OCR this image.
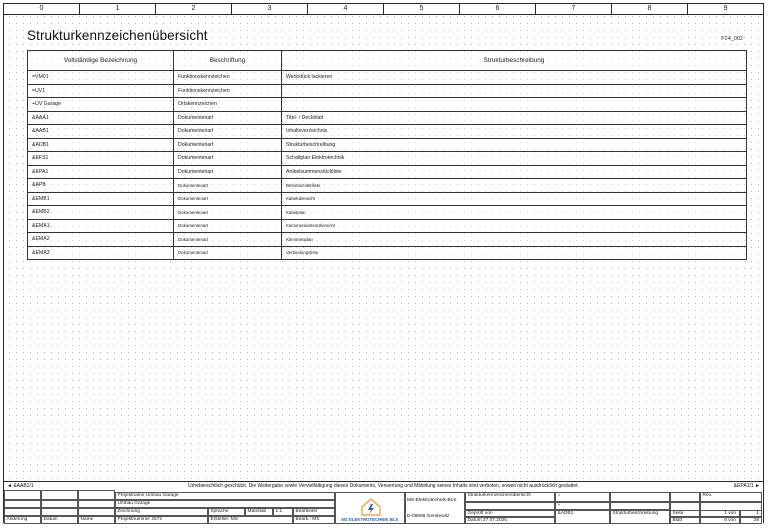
0	1	2	3	4	5	6	7	8	9
Strukturkennzeichenübersicht	F24_002
Vollständige Bezeichnung	Beschriftung	Strukturbeschreibung
=VM01	Funktionskennzeichen	Werkstück lackieren
=UV1	Funktionskennzeichen	
+UV Garage	Ortskennzeichen	
&AAA1	Dokumentenart	Titel- / Deckblatt
&AAB1	Dokumentenart	Inhaltsverzeichnis
&ADB1	Dokumentenart	Strukturbeschreibung
&EFS1	Dokumentenart	Schaltplan Elektrotechnik
&EPA1	Dokumentenart	Artikelsummenstückliste
&APB	Dokumentenart	Betriebsmittelliste
&EMB1	Dokumentenart	Kabelübersicht
&EMB2	Dokumentenart	Kabelplan
&EMA1	Dokumentenart	Klemmenleistenübersicht
&EMA2	Dokumentenart	Klemmenplan
&EMA3	Dokumentenart	Verbindungsliste
◄ &AAB1/1	Urheberechtlich geschützt. Die Weitergabe sowie Vervielfältigung dieses Dokuments, Verwertung und Mitteilung seines Inhalts sind verboten, soweit nicht ausdrücklich gestattet.	&EPA1/1 ►
Änderung	Datum	Name
Projektname Umbau Garage
Umbau Garage
Zeichnung	Sprache	Maßstab	1:1	Bearbeiter
Projektnummer 2572	Ersteller: MS	Bearb.: MS	MS ELEKTROTECHNIK BLK
MS-Elektrotechnik-BLK
D-06686 Gerstewitz
Strukturkennzeichenübersicht
Geprüft von
Datum 27.07.2025
=
+
&ADB1	Strukturbeschreibung
Rev.
Seite	1 von	1
Blatt	6 von	28
